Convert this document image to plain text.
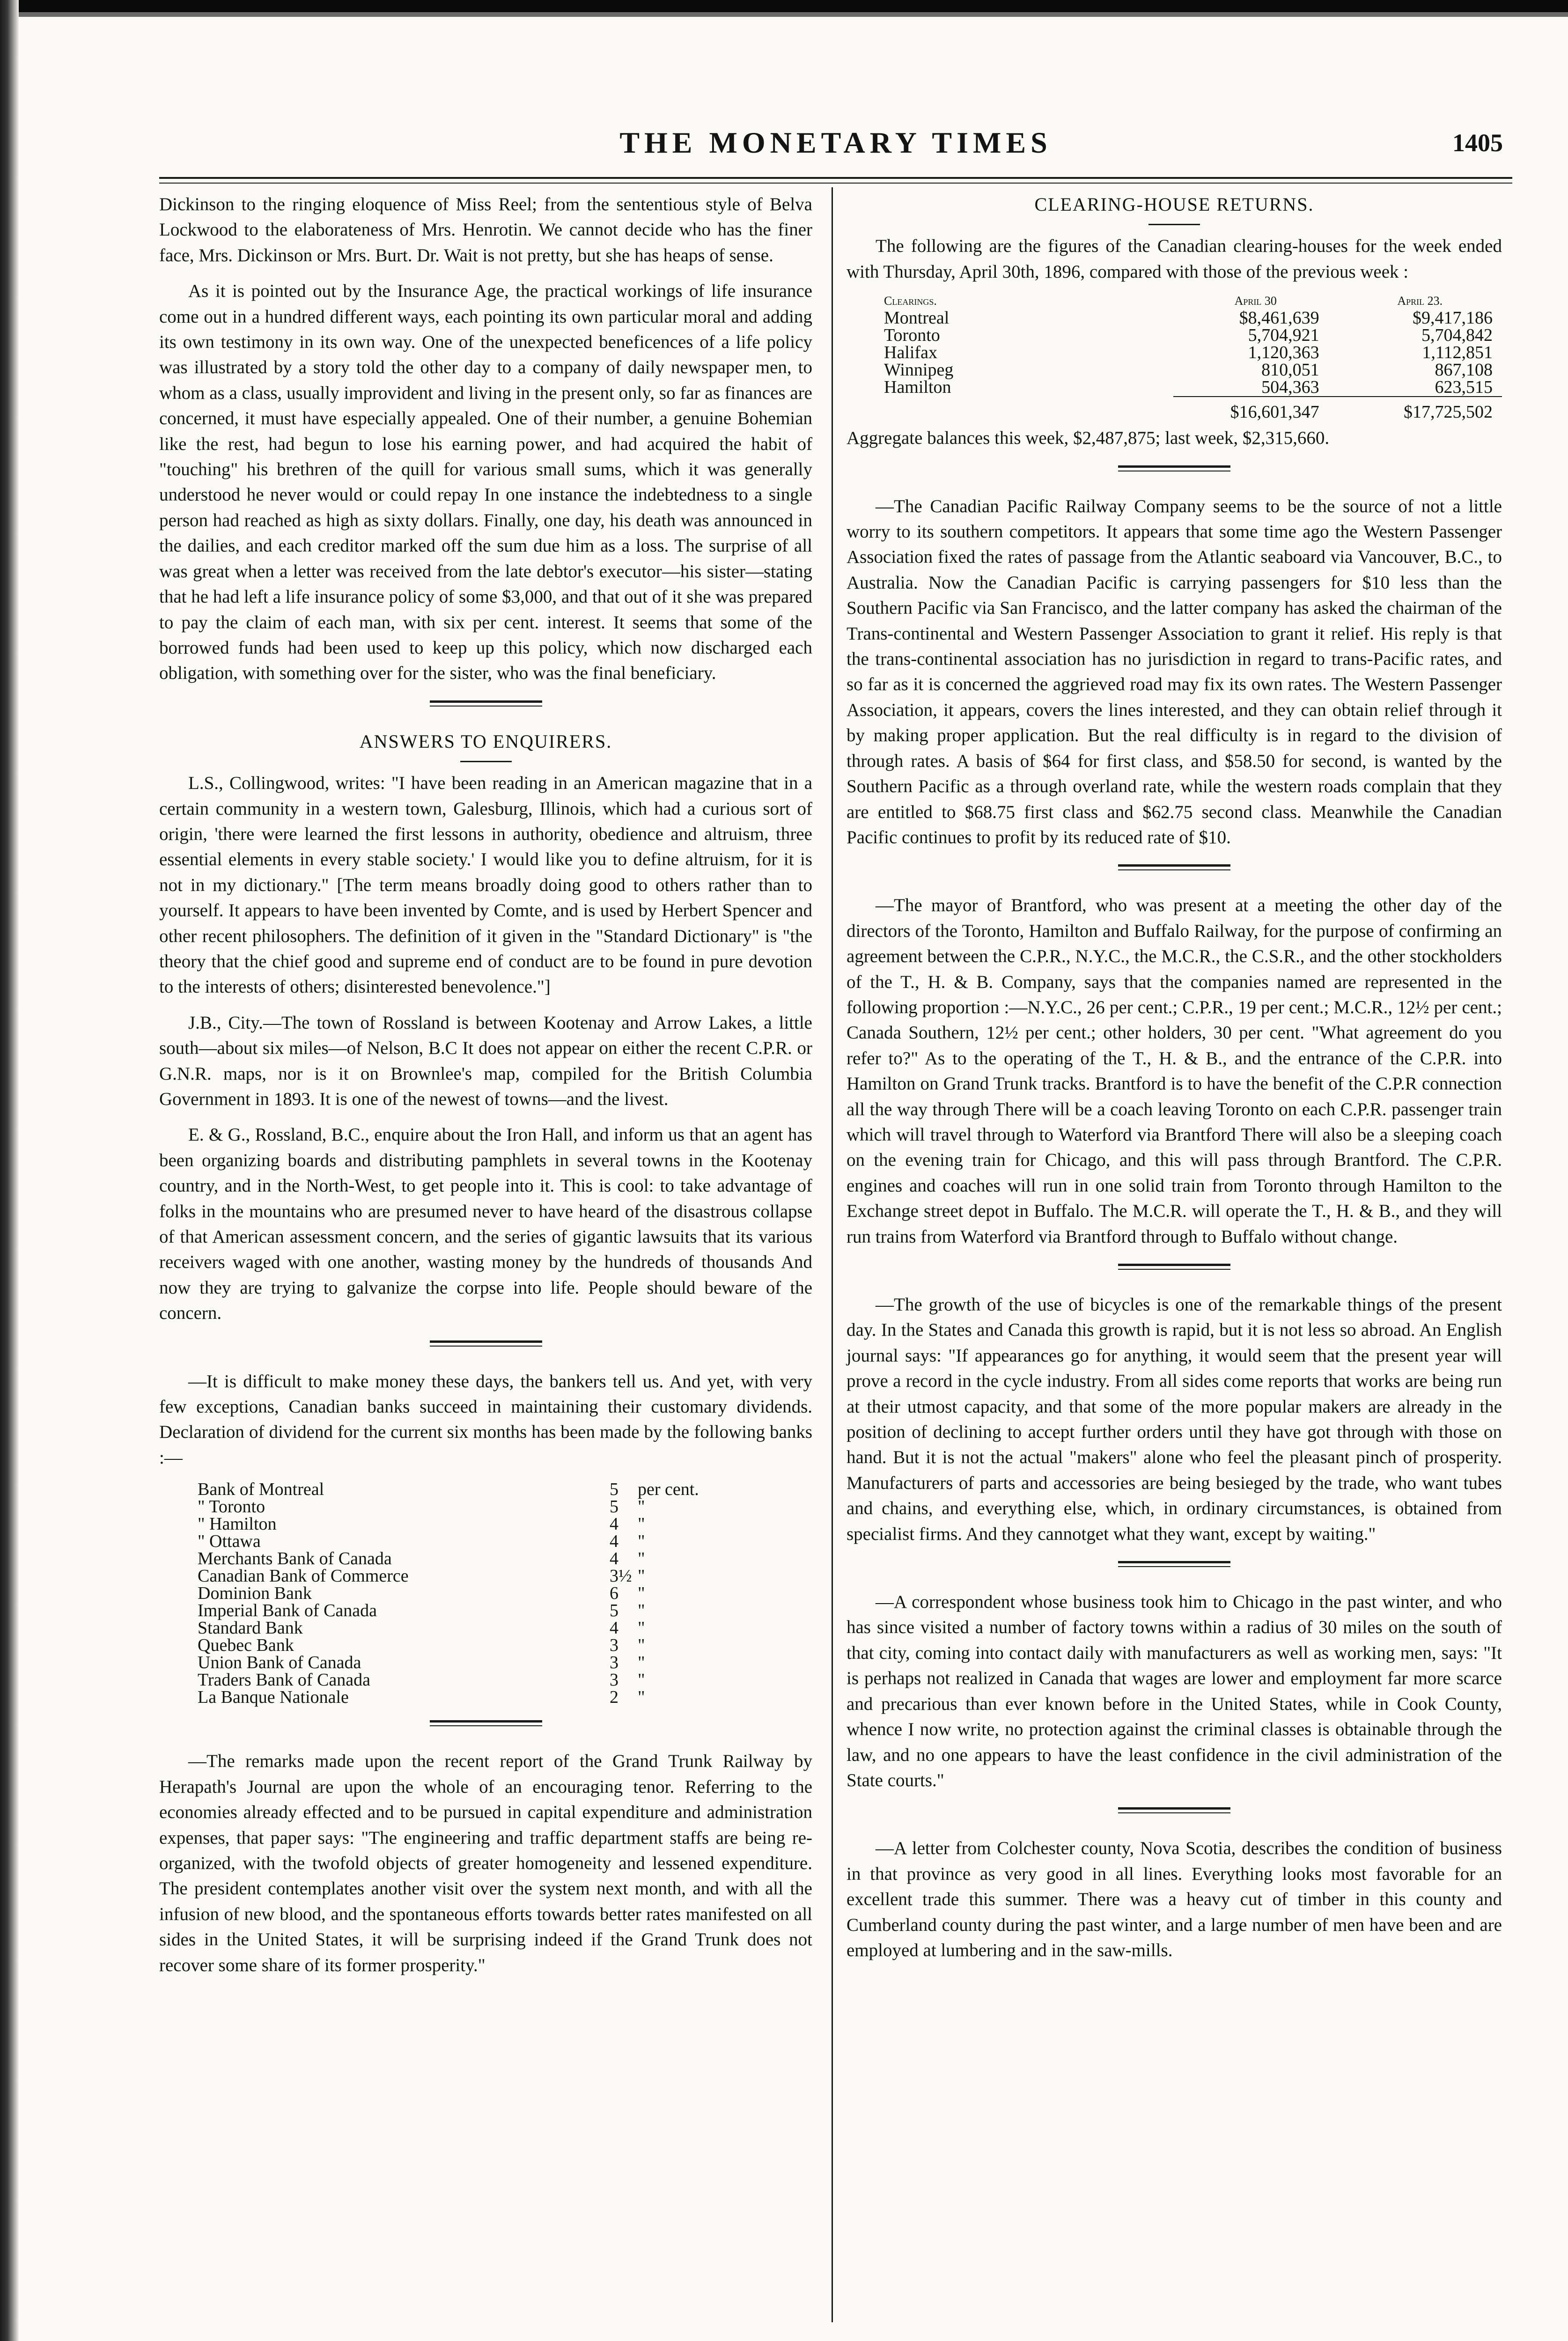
THE MONETARY TIMES	1405

Dickinson to the ringing eloquence of Miss Reel; from the sententious style of Belva Lockwood to the elaborateness of Mrs. Henrotin. We cannot decide who has the finer face, Mrs. Dickinson or Mrs. Burt. Dr. Wait is not pretty, but she has heaps of sense.

As it is pointed out by the Insurance Age, the practical workings of life insurance come out in a hundred different ways, each pointing its own particular moral and adding its own testimony in its own way. One of the unexpected beneficences of a life policy was illustrated by a story told the other day to a company of daily newspaper men, to whom as a class, usually improvident and living in the present only, so far as finances are concerned, it must have especially appealed. One of their number, a genuine Bohemian like the rest, had begun to lose his earning power, and had acquired the habit of "touching" his brethren of the quill for various small sums, which it was generally understood he never would or could repay In one instance the indebtedness to a single person had reached as high as sixty dollars. Finally, one day, his death was announced in the dailies, and each creditor marked off the sum due him as a loss. The surprise of all was great when a letter was received from the late debtor's executor—his sister—stating that he had left a life insurance policy of some $3,000, and that out of it she was prepared to pay the claim of each man, with six per cent. interest. It seems that some of the borrowed funds had been used to keep up this policy, which now discharged each obligation, with something over for the sister, who was the final beneficiary.

ANSWERS TO ENQUIRERS.

L.S., Collingwood, writes: "I have been reading in an American magazine that in a certain community in a western town, Galesburg, Illinois, which had a curious sort of origin, 'there were learned the first lessons in authority, obedience and altruism, three essential elements in every stable society.' I would like you to define altruism, for it is not in my dictionary." [The term means broadly doing good to others rather than to yourself. It appears to have been invented by Comte, and is used by Herbert Spencer and other recent philosophers. The definition of it given in the "Standard Dictionary" is "the theory that the chief good and supreme end of conduct are to be found in pure devotion to the interests of others; disinterested benevolence."]

J.B., City.—The town of Rossland is between Kootenay and Arrow Lakes, a little south—about six miles—of Nelson, B.C It does not appear on either the recent C.P.R. or G.N.R. maps, nor is it on Brownlee's map, compiled for the British Columbia Government in 1893. It is one of the newest of towns—and the livest.

E. & G., Rossland, B.C., enquire about the Iron Hall, and inform us that an agent has been organizing boards and distributing pamphlets in several towns in the Kootenay country, and in the North-West, to get people into it. This is cool: to take advantage of folks in the mountains who are presumed never to have heard of the disastrous collapse of that American assessment concern, and the series of gigantic lawsuits that its various receivers waged with one another, wasting money by the hundreds of thousands And now they are trying to galvanize the corpse into life. People should beware of the concern.

—It is difficult to make money these days, the bankers tell us. And yet, with very few exceptions, Canadian banks succeed in maintaining their customary dividends. Declaration of dividend for the current six months has been made by the following banks :—

Bank of Montreal	5	per cent.
" Toronto	5	"
" Hamilton	4	"
" Ottawa	4	"
Merchants Bank of Canada	4	"
Canadian Bank of Commerce	3½	"
Dominion Bank	6	"
Imperial Bank of Canada	5	"
Standard Bank	4	"
Quebec Bank	3	"
Union Bank of Canada	3	"
Traders Bank of Canada	3	"
La Banque Nationale	2	"

—The remarks made upon the recent report of the Grand Trunk Railway by Herapath's Journal are upon the whole of an encouraging tenor. Referring to the economies already effected and to be pursued in capital expenditure and administration expenses, that paper says: "The engineering and traffic department staffs are being re-organized, with the twofold objects of greater homogeneity and lessened expenditure. The president contemplates another visit over the system next month, and with all the infusion of new blood, and the spontaneous efforts towards better rates manifested on all sides in the United States, it will be surprising indeed if the Grand Trunk does not recover some share of its former prosperity."

CLEARING-HOUSE RETURNS.

The following are the figures of the Canadian clearing-houses for the week ended with Thursday, April 30th, 1896, compared with those of the previous week :

Clearings.	April 30	April 23.
Montreal	$8,461,639	$9,417,186
Toronto	5,704,921	5,704,842
Halifax	1,120,363	1,112,851
Winnipeg	810,051	867,108
Hamilton	504,363	623,515
	$16,601,347	$17,725,502

Aggregate balances this week, $2,487,875; last week, $2,315,660.

—The Canadian Pacific Railway Company seems to be the source of not a little worry to its southern competitors. It appears that some time ago the Western Passenger Association fixed the rates of passage from the Atlantic seaboard via Vancouver, B.C., to Australia. Now the Canadian Pacific is carrying passengers for $10 less than the Southern Pacific via San Francisco, and the latter company has asked the chairman of the Trans-continental and Western Passenger Association to grant it relief. His reply is that the trans-continental association has no jurisdiction in regard to trans-Pacific rates, and so far as it is concerned the aggrieved road may fix its own rates. The Western Passenger Association, it appears, covers the lines interested, and they can obtain relief through it by making proper application. But the real difficulty is in regard to the division of through rates. A basis of $64 for first class, and $58.50 for second, is wanted by the Southern Pacific as a through overland rate, while the western roads complain that they are entitled to $68.75 first class and $62.75 second class. Meanwhile the Canadian Pacific continues to profit by its reduced rate of $10.

—The mayor of Brantford, who was present at a meeting the other day of the directors of the Toronto, Hamilton and Buffalo Railway, for the purpose of confirming an agreement between the C.P.R., N.Y.C., the M.C.R., the C.S.R., and the other stockholders of the T., H. & B. Company, says that the companies named are represented in the following proportion :—N.Y.C., 26 per cent.; C.P.R., 19 per cent.; M.C.R., 12½ per cent.; Canada Southern, 12½ per cent.; other holders, 30 per cent. "What agreement do you refer to?" As to the operating of the T., H. & B., and the entrance of the C.P.R. into Hamilton on Grand Trunk tracks. Brantford is to have the benefit of the C.P.R connection all the way through There will be a coach leaving Toronto on each C.P.R. passenger train which will travel through to Waterford via Brantford There will also be a sleeping coach on the evening train for Chicago, and this will pass through Brantford. The C.P.R. engines and coaches will run in one solid train from Toronto through Hamilton to the Exchange street depot in Buffalo. The M.C.R. will operate the T., H. & B., and they will run trains from Waterford via Brantford through to Buffalo without change.

—The growth of the use of bicycles is one of the remarkable things of the present day. In the States and Canada this growth is rapid, but it is not less so abroad. An English journal says: "If appearances go for anything, it would seem that the present year will prove a record in the cycle industry. From all sides come reports that works are being run at their utmost capacity, and that some of the more popular makers are already in the position of declining to accept further orders until they have got through with those on hand. But it is not the actual "makers" alone who feel the pleasant pinch of prosperity. Manufacturers of parts and accessories are being besieged by the trade, who want tubes and chains, and everything else, which, in ordinary circumstances, is obtained from specialist firms. And they cannotget what they want, except by waiting."

—A correspondent whose business took him to Chicago in the past winter, and who has since visited a number of factory towns within a radius of 30 miles on the south of that city, coming into contact daily with manufacturers as well as working men, says: "It is perhaps not realized in Canada that wages are lower and employment far more scarce and precarious than ever known before in the United States, while in Cook County, whence I now write, no protection against the criminal classes is obtainable through the law, and no one appears to have the least confidence in the civil administration of the State courts."

—A letter from Colchester county, Nova Scotia, describes the condition of business in that province as very good in all lines. Everything looks most favorable for an excellent trade this summer. There was a heavy cut of timber in this county and Cumberland county during the past winter, and a large number of men have been and are employed at lumbering and in the saw-mills.
